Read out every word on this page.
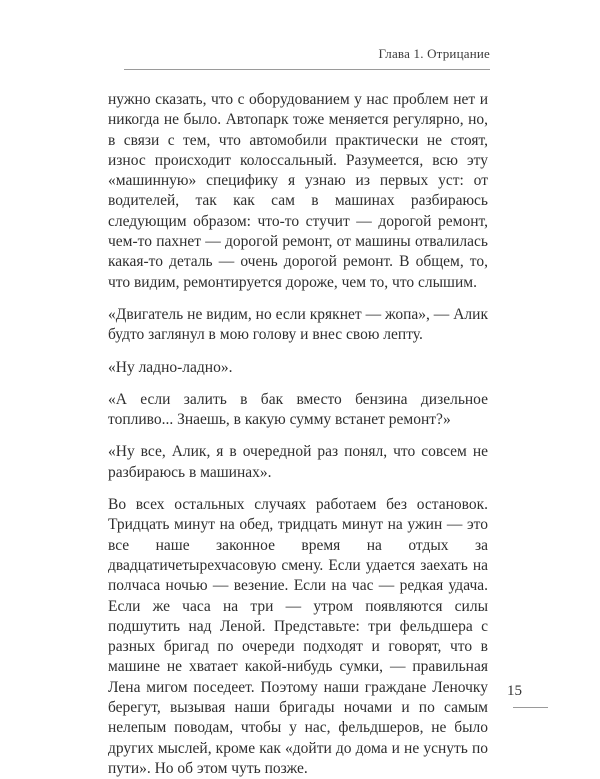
Глава 1. Отрицание

нужно сказать, что с оборудованием у нас проблем нет и никогда не было. Автопарк тоже меняется регулярно, но, в связи с тем, что автомобили практически не стоят, износ происходит колоссальный. Разумеется, всю эту «машинную» специфику я узнаю из первых уст: от водителей, так как сам в машинах разбираюсь следующим образом: что-то стучит — дорогой ремонт, чем-то пахнет — дорогой ремонт, от машины отвалилась какая-то деталь — очень дорогой ремонт. В общем, то, что видим, ремонтируется дороже, чем то, что слышим.

«Двигатель не видим, но если крякнет — жопа», — Алик будто заглянул в мою голову и внес свою лепту.

«Ну ладно-ладно».

«А если залить в бак вместо бензина дизельное топливо... Знаешь, в какую сумму встанет ремонт?»

«Ну все, Алик, я в очередной раз понял, что совсем не разбираюсь в машинах».

Во всех остальных случаях работаем без остановок. Тридцать минут на обед, тридцать минут на ужин — это все наше законное время на отдых за двадцатичетырехчасовую смену. Если удается заехать на полчаса ночью — везение. Если на час — редкая удача. Если же часа на три — утром появляются силы подшутить над Леной. Представьте: три фельдшера с разных бригад по очереди подходят и говорят, что в машине не хватает какой-нибудь сумки, — правильная Лена мигом поседеет. Поэтому наши граждане Леночку берегут, вызывая наши бригады ночами и по самым нелепым поводам, чтобы у нас, фельдшеров, не было других мыслей, кроме как «дойти до дома и не уснуть по пути». Но об этом чуть позже.

15
